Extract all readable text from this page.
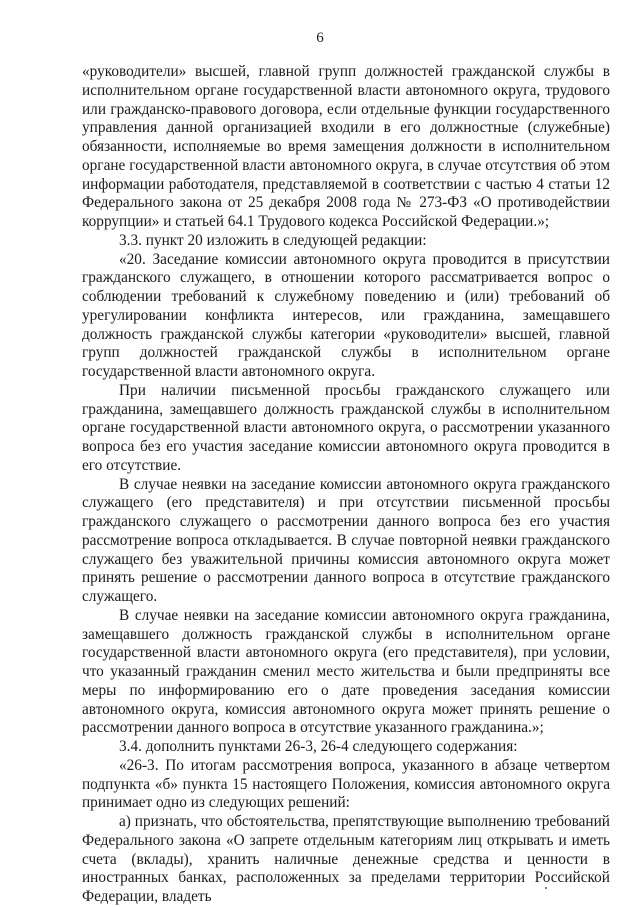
6

«руководители» высшей, главной групп должностей гражданской службы в исполнительном органе государственной власти автономного округа, трудового или гражданско-правового договора, если отдельные функции государственного управления данной организацией входили в его должностные (служебные) обязанности, исполняемые во время замещения должности в исполнительном органе государственной власти автономного округа, в случае отсутствия об этом информации работодателя, представляемой в соответствии с частью 4 статьи 12 Федерального закона от 25 декабря 2008 года № 273-ФЗ «О противодействии коррупции» и статьей 64.1 Трудового кодекса Российской Федерации.»;

3.3. пункт 20 изложить в следующей редакции:

«20. Заседание комиссии автономного округа проводится в присутствии гражданского служащего, в отношении которого рассматривается вопрос о соблюдении требований к служебному поведению и (или) требований об урегулировании конфликта интересов, или гражданина, замещавшего должность гражданской службы категории «руководители» высшей, главной групп должностей гражданской службы в исполнительном органе государственной власти автономного округа.

При наличии письменной просьбы гражданского служащего или гражданина, замещавшего должность гражданской службы в исполнительном органе государственной власти автономного округа, о рассмотрении указанного вопроса без его участия заседание комиссии автономного округа проводится в его отсутствие.

В случае неявки на заседание комиссии автономного округа гражданского служащего (его представителя) и при отсутствии письменной просьбы гражданского служащего о рассмотрении данного вопроса без его участия рассмотрение вопроса откладывается. В случае повторной неявки гражданского служащего без уважительной причины комиссия автономного округа может принять решение о рассмотрении данного вопроса в отсутствие гражданского служащего.

В случае неявки на заседание комиссии автономного округа гражданина, замещавшего должность гражданской службы в исполнительном органе государственной власти автономного округа (его представителя), при условии, что указанный гражданин сменил место жительства и были предприняты все меры по информированию его о дате проведения заседания комиссии автономного округа, комиссия автономного округа может принять решение о рассмотрении данного вопроса в отсутствие указанного гражданина.»;

3.4. дополнить пунктами 26-3, 26-4 следующего содержания:

«26-3. По итогам рассмотрения вопроса, указанного в абзаце четвертом подпункта «б» пункта 15 настоящего Положения, комиссия автономного округа принимает одно из следующих решений:

а) признать, что обстоятельства, препятствующие выполнению требований Федерального закона «О запрете отдельным категориям лиц открывать и иметь счета (вклады), хранить наличные денежные средства и ценности в иностранных банках, расположенных за пределами территории Российской Федерации, владеть
